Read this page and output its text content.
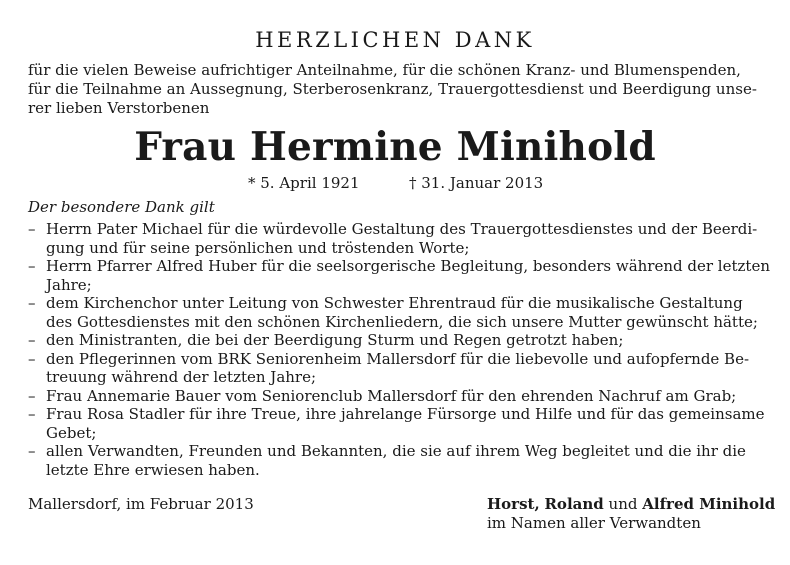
HERZLICHEN DANK
für die vielen Beweise aufrichtiger Anteilnahme, für die schönen Kranz- und Blumenspenden,
für die Teilnahme an Aussegnung, Sterberosenkranz, Trauergottesdienst und Beerdigung unse-
rer lieben Verstorbenen
Frau Hermine Minihold
* 5. April 1921	† 31. Januar 2013
Der besondere Dank gilt
– Herrn Pater Michael für die würdevolle Gestaltung des Trauergottesdienstes und der Beerdi-
gung und für seine persönlichen und tröstenden Worte;
– Herrn Pfarrer Alfred Huber für die seelsorgerische Begleitung, besonders während der letzten
Jahre;
– dem Kirchenchor unter Leitung von Schwester Ehrentraud für die musikalische Gestaltung
des Gottesdienstes mit den schönen Kirchenliedern, die sich unsere Mutter gewünscht hätte;
– den Ministranten, die bei der Beerdigung Sturm und Regen getrotzt haben;
– den Pflegerinnen vom BRK Seniorenheim Mallersdorf für die liebevolle und aufopfernde Be-
treuung während der letzten Jahre;
– Frau Annemarie Bauer vom Seniorenclub Mallersdorf für den ehrenden Nachruf am Grab;
– Frau Rosa Stadler für ihre Treue, ihre jahrelange Fürsorge und Hilfe und für das gemeinsame
Gebet;
– allen Verwandten, Freunden und Bekannten, die sie auf ihrem Weg begleitet und die ihr die
letzte Ehre erwiesen haben.
Mallersdorf, im Februar 2013	Horst, Roland und Alfred Minihold
im Namen aller Verwandten
